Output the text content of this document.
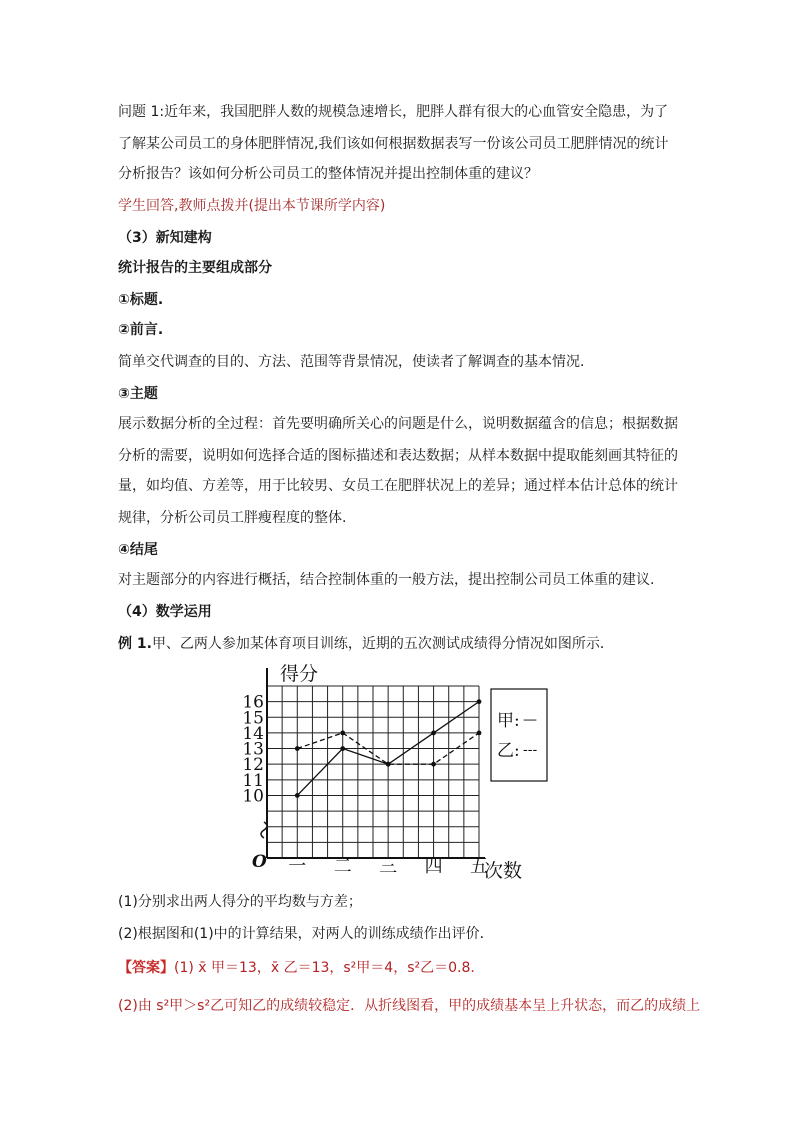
问题 1:近年来，我国肥胖人数的规模急速增长，肥胖人群有很大的心血管安全隐患，为了
了解某公司员工的身体肥胖情况,我们该如何根据数据表写一份该公司员工肥胖情况的统计
分析报告？该如何分析公司员工的整体情况并提出控制体重的建议？
学生回答,教师点拨并(提出本节课所学内容)
（3）新知建构
统计报告的主要组成部分
①标题.
②前言.
简单交代调查的目的、方法、范围等背景情况，使读者了解调查的基本情况.
③主题
展示数据分析的全过程：首先要明确所关心的问题是什么，说明数据蕴含的信息；根据数据
分析的需要，说明如何选择合适的图标描述和表达数据；从样本数据中提取能刻画其特征的
量，如均值、方差等，用于比较男、女员工在肥胖状况上的差异；通过样本估计总体的统计
规律，分析公司员工胖瘦程度的整体.
④结尾
对主题部分的内容进行概括，结合控制体重的一般方法，提出控制公司员工体重的建议.
（4）数学运用
例 1.甲、乙两人参加某体育项目训练，近期的五次测试成绩得分情况如图所示．
得分
10
11
12
13
14
15
16
O 一 二 三 四 五
次数
甲: —
乙: ---
(1)分别求出两人得分的平均数与方差；
(2)根据图和(1)中的计算结果，对两人的训练成绩作出评价．
【答案】(1) x̄ 甲＝13，x̄ 乙＝13，s²甲＝4，s²乙＝0.8.
(2)由 s²甲＞s²乙可知乙的成绩较稳定．从折线图看，甲的成绩基本呈上升状态，而乙的成绩上
